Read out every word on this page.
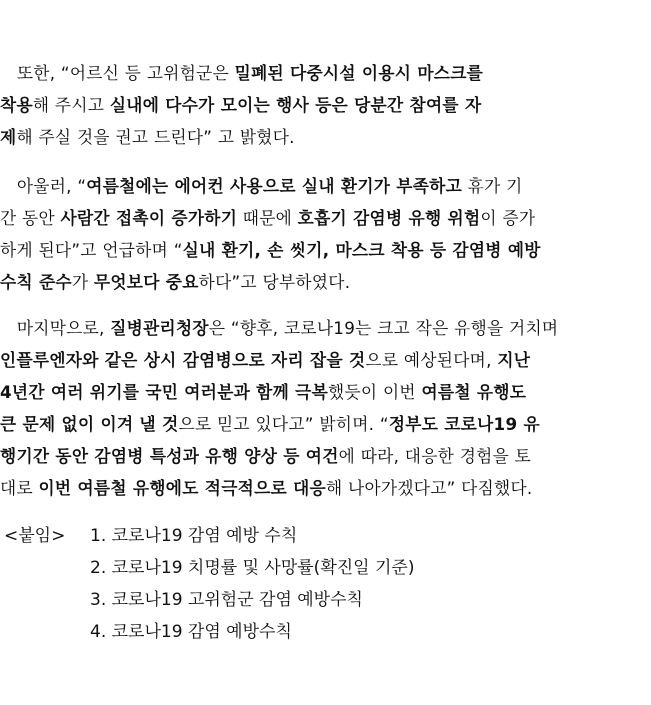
또한, “어르신 등 고위험군은 밀폐된 다중시설 이용시 마스크를
착용해 주시고 실내에 다수가 모이는 행사 등은 당분간 참여를 자
제해 주실 것을 권고 드린다” 고 밝혔다.
아울러, “여름철에는 에어컨 사용으로 실내 환기가 부족하고 휴가 기
간 동안 사람간 접촉이 증가하기 때문에 호흡기 감염병 유행 위험이 증가
하게 된다”고 언급하며 “실내 환기, 손 씻기, 마스크 착용 등 감염병 예방
수칙 준수가 무엇보다 중요하다”고 당부하였다.
마지막으로, 질병관리청장은 “향후, 코로나19는 크고 작은 유행을 거치며
인플루엔자와 같은 상시 감염병으로 자리 잡을 것으로 예상된다며, 지난
4년간 여러 위기를 국민 여러분과 함께 극복했듯이 이번 여름철 유행도
큰 문제 없이 이겨 낼 것으로 믿고 있다고” 밝히며. “정부도 코로나19 유
행기간 동안 감염병 특성과 유행 양상 등 여건에 따라, 대응한 경험을 토
대로 이번 여름철 유행에도 적극적으로 대응해 나아가겠다고” 다짐했다.
<붙임> 1. 코로나19 감염 예방 수칙
2. 코로나19 치명률 및 사망률(확진일 기준)
3. 코로나19 고위험군 감염 예방수칙
4. 코로나19 감염 예방수칙
